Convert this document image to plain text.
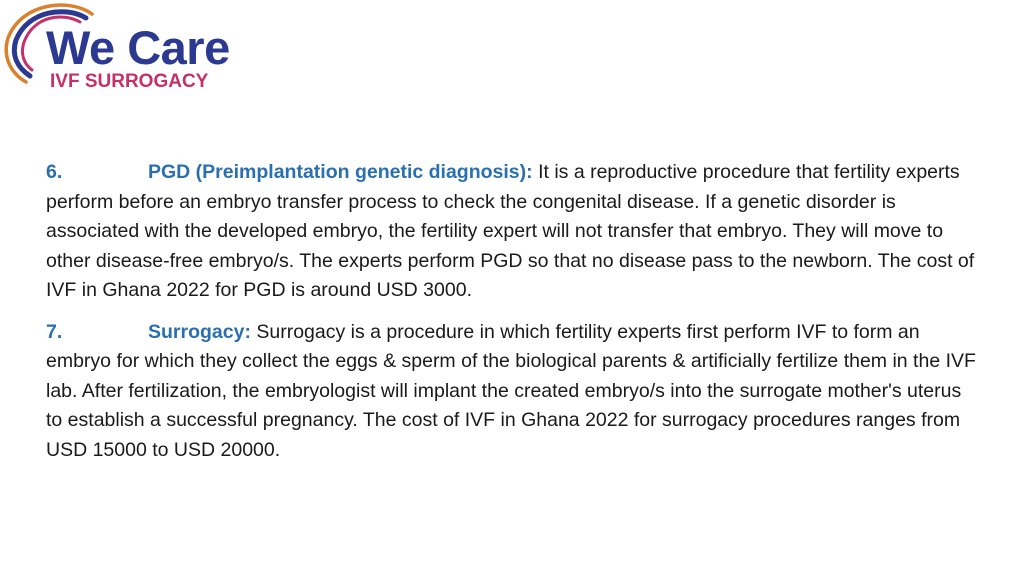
We Care
IVF SURROGACY

6.	PGD (Preimplantation genetic diagnosis): It is a reproductive procedure that fertility experts perform before an embryo transfer process to check the congenital disease. If a genetic disorder is associated with the developed embryo, the fertility expert will not transfer that embryo. They will move to other disease-free embryo/s. The experts perform PGD so that no disease pass to the newborn. The cost of IVF in Ghana 2022 for PGD is around USD 3000.

7.	Surrogacy: Surrogacy is a procedure in which fertility experts first perform IVF to form an embryo for which they collect the eggs & sperm of the biological parents & artificially fertilize them in the IVF lab. After fertilization, the embryologist will implant the created embryo/s into the surrogate mother's uterus to establish a successful pregnancy. The cost of IVF in Ghana 2022 for surrogacy procedures ranges from USD 15000 to USD 20000.
